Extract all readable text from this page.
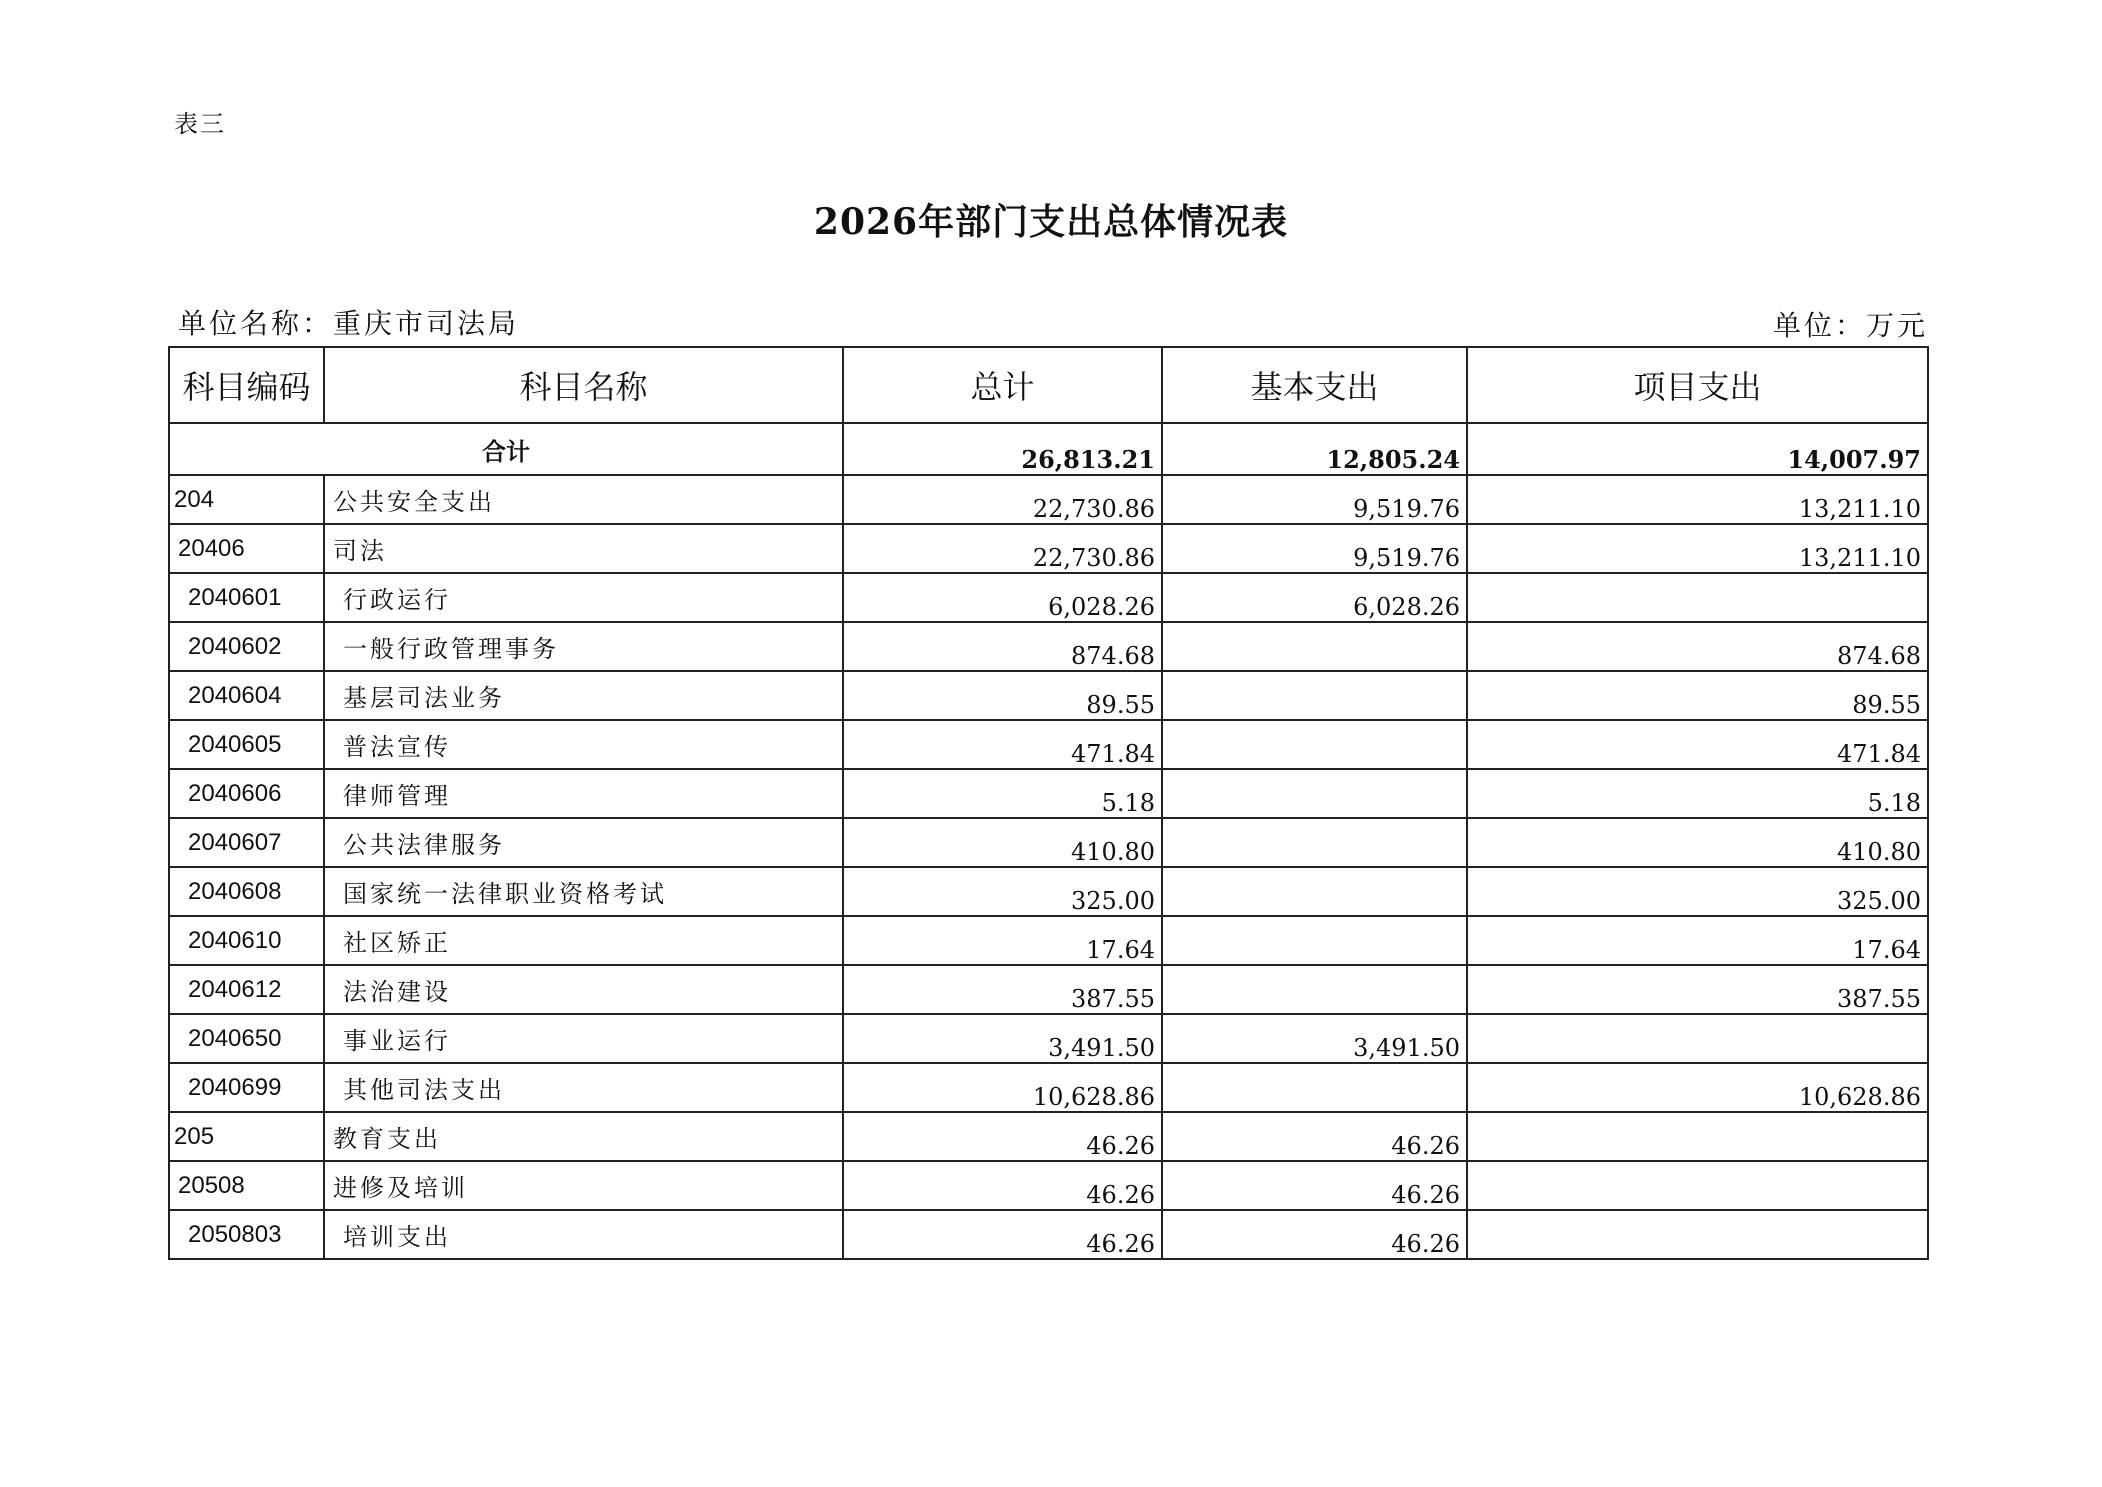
表三
2026年部门支出总体情况表
单位名称：重庆市司法局	单位：万元
科目编码	科目名称	总计	基本支出	项目支出
合计		26,813.21	12,805.24	14,007.97
204	公共安全支出	22,730.86	9,519.76	13,211.10
20406	司法	22,730.86	9,519.76	13,211.10
2040601	行政运行	6,028.26	6,028.26	
2040602	一般行政管理事务	874.68		874.68
2040604	基层司法业务	89.55		89.55
2040605	普法宣传	471.84		471.84
2040606	律师管理	5.18		5.18
2040607	公共法律服务	410.80		410.80
2040608	国家统一法律职业资格考试	325.00		325.00
2040610	社区矫正	17.64		17.64
2040612	法治建设	387.55		387.55
2040650	事业运行	3,491.50	3,491.50	
2040699	其他司法支出	10,628.86		10,628.86
205	教育支出	46.26	46.26	
20508	进修及培训	46.26	46.26	
2050803	培训支出	46.26	46.26	
